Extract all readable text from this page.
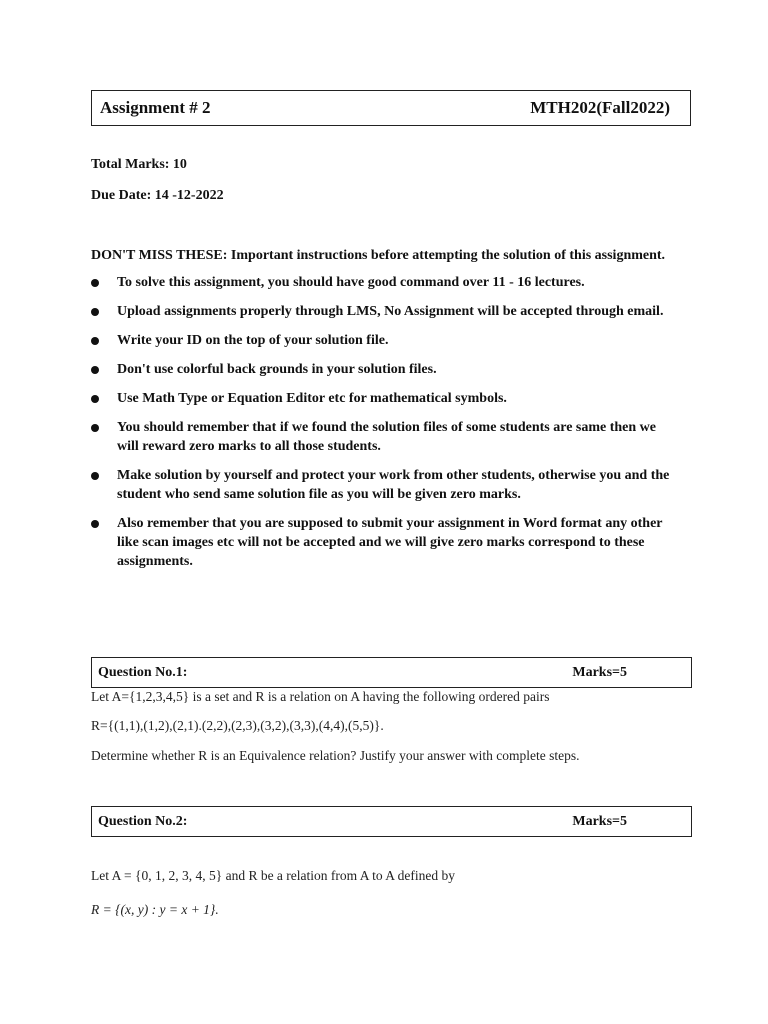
Assignment # 2	MTH202(Fall2022)
Total Marks: 10
Due Date: 14 -12-2022

DON'T MISS THESE: Important instructions before attempting the solution of this assignment.

To solve this assignment, you should have good command over 11 - 16 lectures.
Upload assignments properly through LMS, No Assignment will be accepted through email.
Write your ID on the top of your solution file.
Don't use colorful back grounds in your solution files.
Use Math Type or Equation Editor etc for mathematical symbols.
You should remember that if we found the solution files of some students are same then we will reward zero marks to all those students.
Make solution by yourself and protect your work from other students, otherwise you and the student who send same solution file as you will be given zero marks.
Also remember that you are supposed to submit your assignment in Word format any other like scan images etc will not be accepted and we will give zero marks correspond to these assignments.
Question No.1:	Marks=5
Let A={1,2,3,4,5} is a set and R is a relation on A having the following ordered pairs
R={(1,1),(1,2),(2,1).(2,2),(2,3),(3,2),(3,3),(4,4),(5,5)}.
Determine whether R is an Equivalence relation? Justify your answer with complete steps.
Question No.2:	Marks=5
Let A = {0, 1, 2, 3, 4, 5} and R be a relation from A to A defined by
R = {(x, y) : y = x + 1}.
